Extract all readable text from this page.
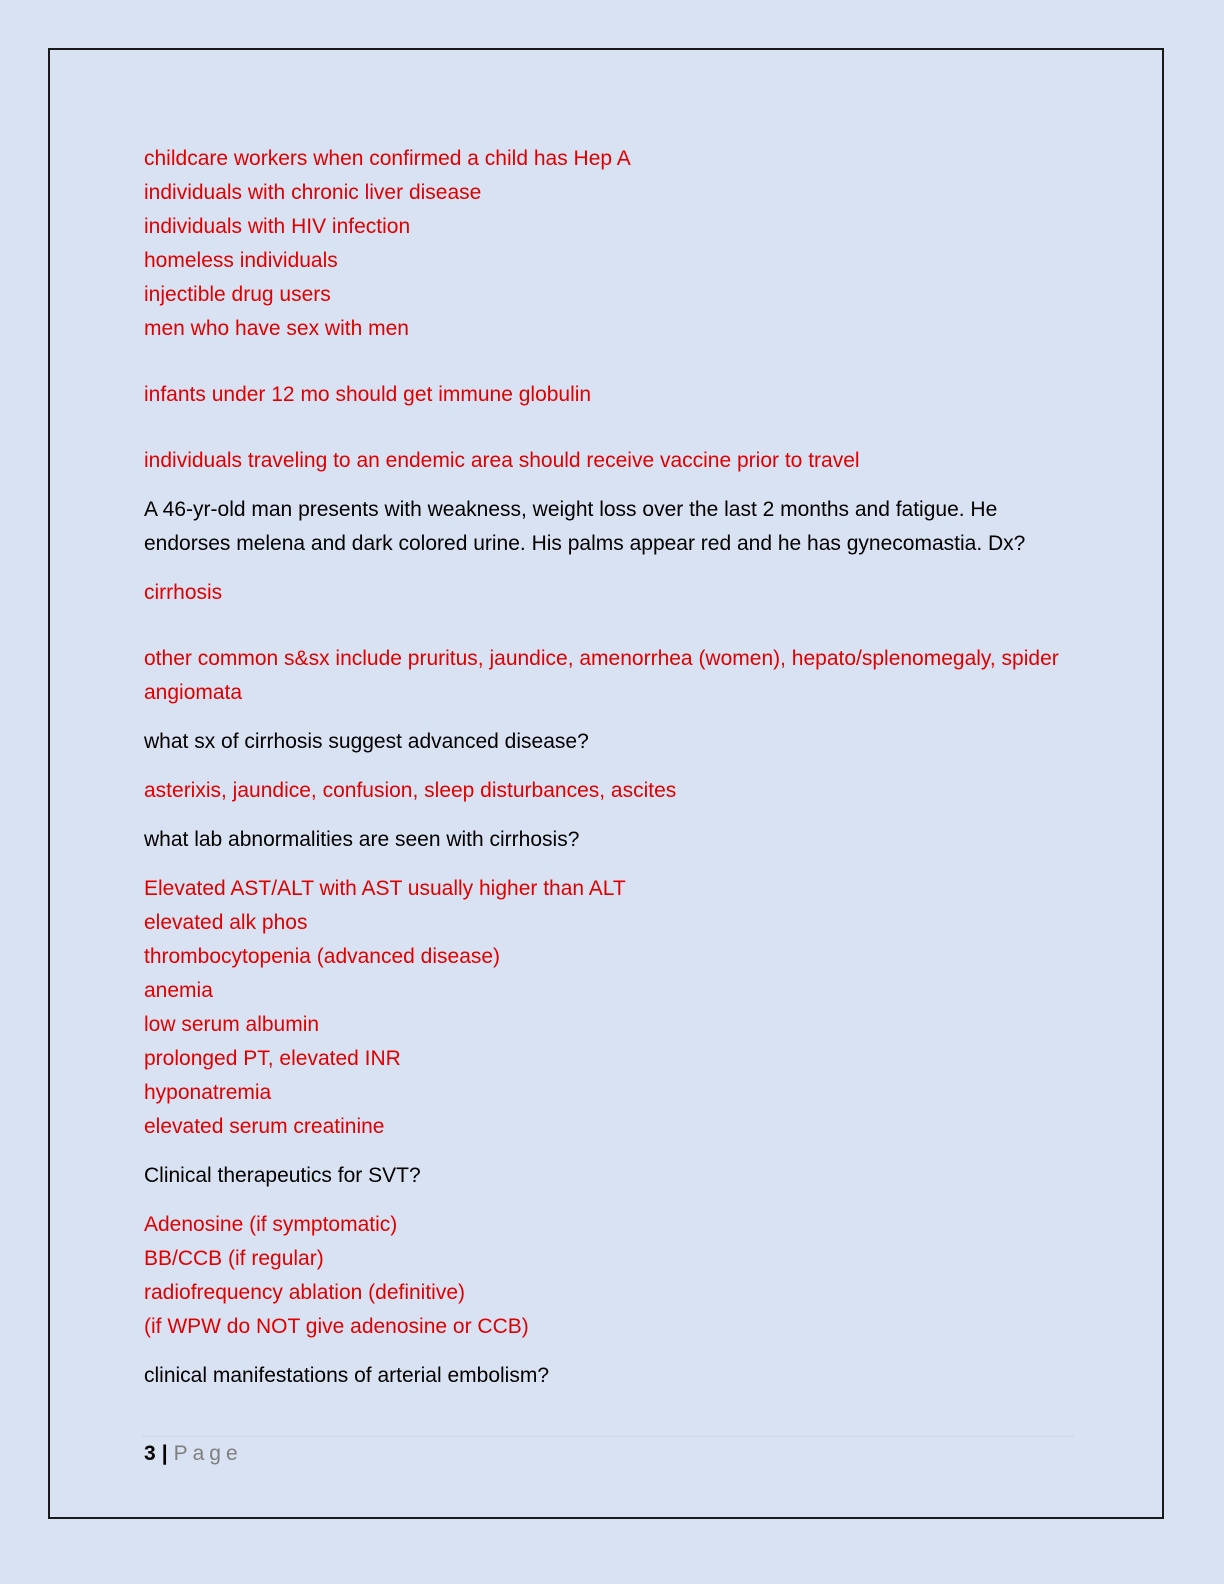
childcare workers when confirmed a child has Hep A

individuals with chronic liver disease

individuals with HIV infection

homeless individuals

injectible drug users

men who have sex with men

infants under 12 mo should get immune globulin

individuals traveling to an endemic area should receive vaccine prior to travel

A 46-yr-old man presents with weakness, weight loss over the last 2 months and fatigue. He endorses melena and dark colored urine. His palms appear red and he has gynecomastia. Dx?

cirrhosis

other common s&sx include pruritus, jaundice, amenorrhea (women), hepato/splenomegaly, spider angiomata

what sx of cirrhosis suggest advanced disease?

asterixis, jaundice, confusion, sleep disturbances, ascites

what lab abnormalities are seen with cirrhosis?

Elevated AST/ALT with AST usually higher than ALT

elevated alk phos

thrombocytopenia (advanced disease)

anemia

low serum albumin

prolonged PT, elevated INR

hyponatremia

elevated serum creatinine

Clinical therapeutics for SVT?

Adenosine (if symptomatic)

BB/CCB (if regular)

radiofrequency ablation (definitive)

(if WPW do NOT give adenosine or CCB)

clinical manifestations of arterial embolism?

3 | Page
